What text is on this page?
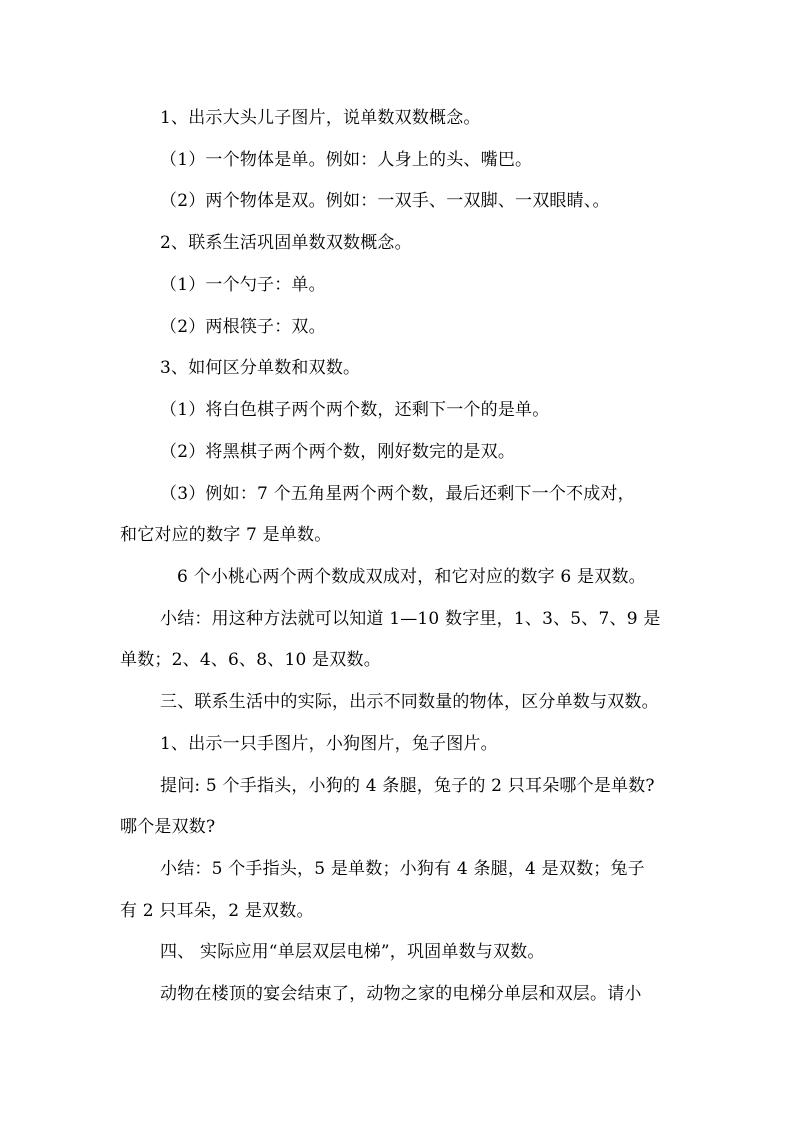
1、出示大头儿子图片，说单数双数概念。
（1）一个物体是单。例如：人身上的头、嘴巴。
（2）两个物体是双。例如：一双手、一双脚、一双眼睛、。
2、联系生活巩固单数双数概念。
（1）一个勺子：单。
（2）两根筷子：双。
3、如何区分单数和双数。
（1）将白色棋子两个两个数，还剩下一个的是单。
（2）将黑棋子两个两个数，刚好数完的是双。
（3）例如：7 个五角星两个两个数，最后还剩下一个不成对，
和它对应的数字 7 是单数。
6 个小桃心两个两个数成双成对，和它对应的数字 6 是双数。
小结：用这种方法就可以知道 1—10 数字里，1、3、5、7、9 是
单数；2、4、6、8、10 是双数。
三、联系生活中的实际，出示不同数量的物体，区分单数与双数。
1、出示一只手图片，小狗图片，兔子图片。
提问: 5 个手指头，小狗的 4 条腿，兔子的 2 只耳朵哪个是单数?
哪个是双数?
小结：5 个手指头，5 是单数；小狗有 4 条腿，4 是双数；兔子
有 2 只耳朵，2 是双数。
四、 实际应用“单层双层电梯”，巩固单数与双数。
动物在楼顶的宴会结束了，动物之家的电梯分单层和双层。请小
